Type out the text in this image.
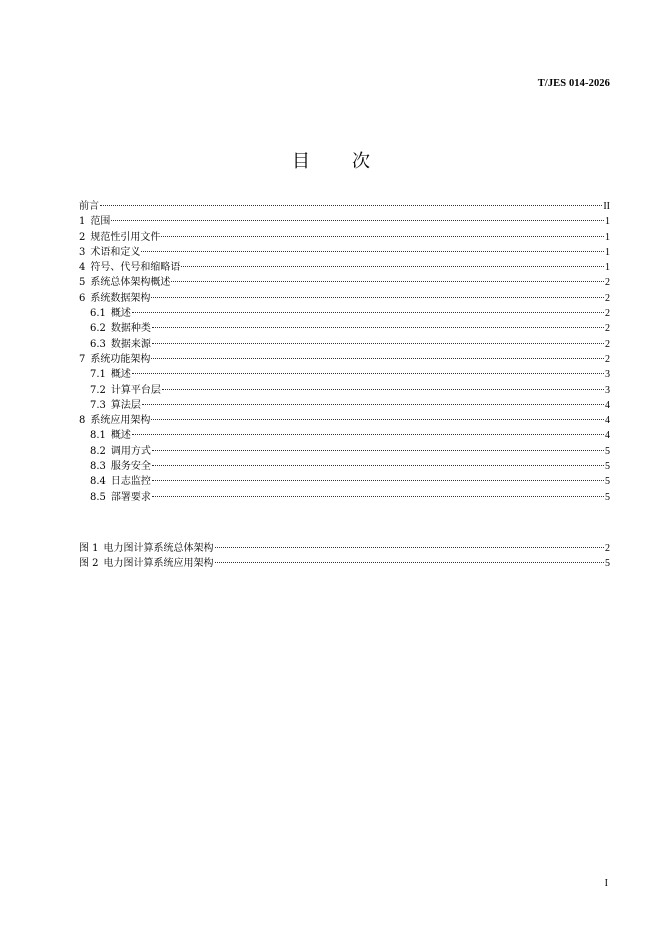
T/JES 014-2026
目 次
前言	II
1 范围	1
2 规范性引用文件	1
3 术语和定义	1
4 符号、代号和缩略语	1
5 系统总体架构概述	2
6 系统数据架构	2
6.1 概述	2
6.2 数据种类	2
6.3 数据来源	2
7 系统功能架构	2
7.1 概述	3
7.2 计算平台层	3
7.3 算法层	4
8 系统应用架构	4
8.1 概述	4
8.2 调用方式	5
8.3 服务安全	5
8.4 日志监控	5
8.5 部署要求	5
图 1 电力图计算系统总体架构	2
图 2 电力图计算系统应用架构	5
I
